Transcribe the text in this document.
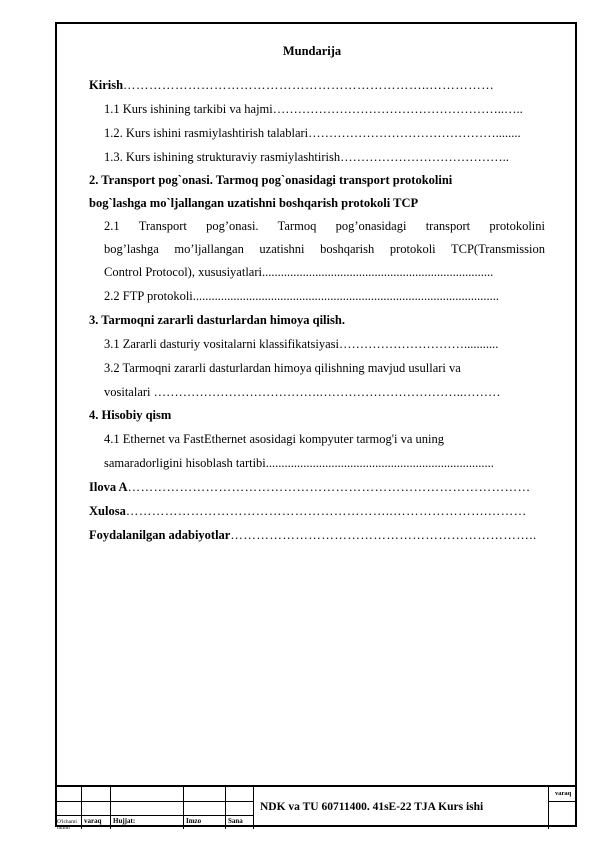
Mundarija
Kirish……………………………………………………………..……………
1.1 Kurs ishining tarkibi va hajmi………………………………………………..…..
1.2. Kurs ishini rasmiylashtirish talablari………………………………………........
1.3. Kurs ishining strukturaviy rasmiylashtirish…………………………………..
2. Transport pog`onasi. Tarmoq pog`onasidagi transport protokolini
bog`lashga mo`ljallangan uzatishni boshqarish protokoli TCP
2.1 Transport pog’onasi. Tarmoq pog’onasidagi transport protokolini
bog’lashga mo’ljallangan uzatishni boshqarish protokoli TCP(Transmission
Control Protocol), xususiyatlari..........................................................................
2.2 FTP protokoli..................................................................................................
3. Tarmoqni zararli dasturlardan himoya qilish.
3.1 Zararli dasturiy vositalarni klassifikatsiyasi…………………………...........
3.2 Tarmoqni zararli dasturlardan himoya qilishning mavjud usullari va
vositalari ………………………………….……………………………..………
4. Hisobiy qism
4.1 Ethernet va FastEthernet asosidagi kompyuter tarmog'i va uning
samaradorligini hisoblash tartibi.........................................................................
Ilova A…………………………………………………………………………………
Xulosa……………………………………………………..………………….………
Foydalanilgan adabiyotlar……………………………………………………………..
O'lchami
mmm
varaq Hujjat:	Imzo	Sana
NDK va TU 60711400. 41sE-22 TJA Kurs ishi
varaq
